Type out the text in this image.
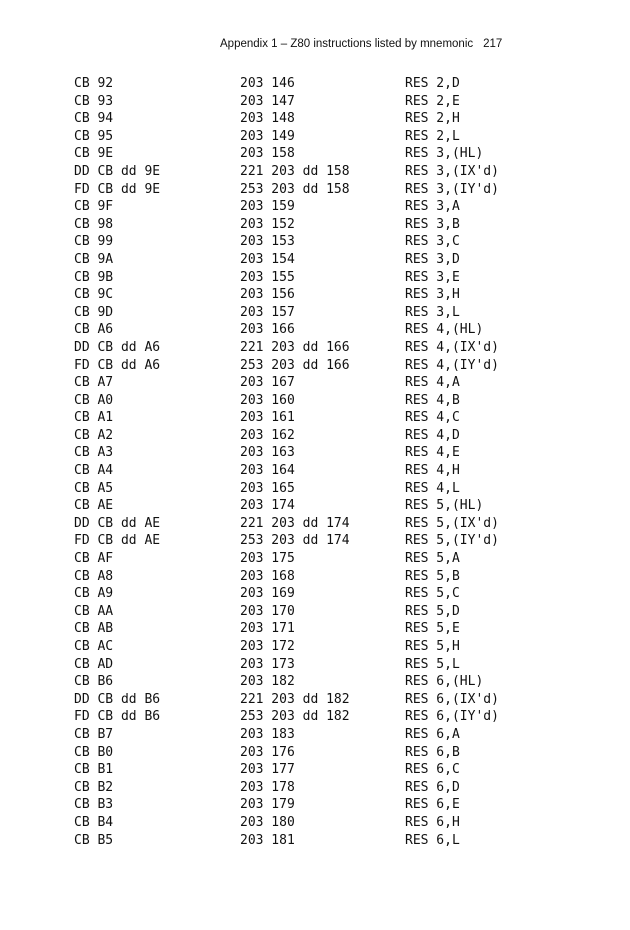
Appendix 1 – Z80 instructions listed by mnemonic 217
CB 92	203 146	RES 2,D
CB 93	203 147	RES 2,E
CB 94	203 148	RES 2,H
CB 95	203 149	RES 2,L
CB 9E	203 158	RES 3,(HL)
DD CB dd 9E	221 203 dd 158	RES 3,(IX'd)
FD CB dd 9E	253 203 dd 158	RES 3,(IY'd)
CB 9F	203 159	RES 3,A
CB 98	203 152	RES 3,B
CB 99	203 153	RES 3,C
CB 9A	203 154	RES 3,D
CB 9B	203 155	RES 3,E
CB 9C	203 156	RES 3,H
CB 9D	203 157	RES 3,L
CB A6	203 166	RES 4,(HL)
DD CB dd A6	221 203 dd 166	RES 4,(IX'd)
FD CB dd A6	253 203 dd 166	RES 4,(IY'd)
CB A7	203 167	RES 4,A
CB A0	203 160	RES 4,B
CB A1	203 161	RES 4,C
CB A2	203 162	RES 4,D
CB A3	203 163	RES 4,E
CB A4	203 164	RES 4,H
CB A5	203 165	RES 4,L
CB AE	203 174	RES 5,(HL)
DD CB dd AE	221 203 dd 174	RES 5,(IX'd)
FD CB dd AE	253 203 dd 174	RES 5,(IY'd)
CB AF	203 175	RES 5,A
CB A8	203 168	RES 5,B
CB A9	203 169	RES 5,C
CB AA	203 170	RES 5,D
CB AB	203 171	RES 5,E
CB AC	203 172	RES 5,H
CB AD	203 173	RES 5,L
CB B6	203 182	RES 6,(HL)
DD CB dd B6	221 203 dd 182	RES 6,(IX'd)
FD CB dd B6	253 203 dd 182	RES 6,(IY'd)
CB B7	203 183	RES 6,A
CB B0	203 176	RES 6,B
CB B1	203 177	RES 6,C
CB B2	203 178	RES 6,D
CB B3	203 179	RES 6,E
CB B4	203 180	RES 6,H
CB B5	203 181	RES 6,L
